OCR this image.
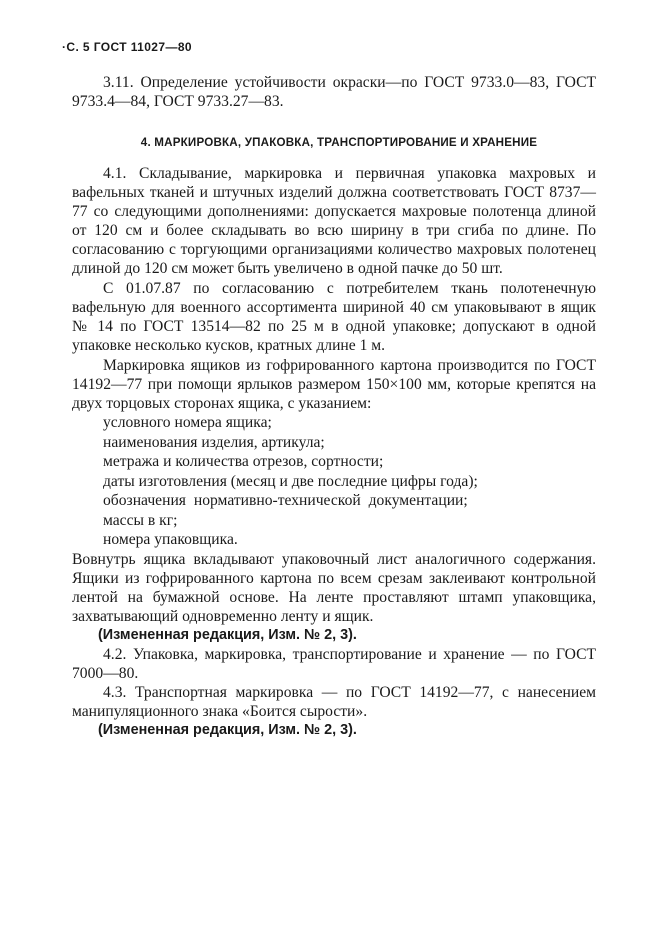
·С. 5 ГОСТ 11027—80

3.11. Определение устойчивости окраски—по ГОСТ 9733.0—83, ГОСТ 9733.4—84, ГОСТ 9733.27—83.

4. МАРКИРОВКА, УПАКОВКА, ТРАНСПОРТИРОВАНИЕ И ХРАНЕНИЕ

4.1. Складывание, маркировка и первичная упаковка махровых и вафельных тканей и штучных изделий должна соответствовать ГОСТ 8737—77 со следующими дополнениями: допускается махровые полотенца длиной от 120 см и более складывать во всю ширину в три сгиба по длине. По согласованию с торгующими организациями количество махровых полотенец длиной до 120 см может быть увеличено в одной пачке до 50 шт.

С 01.07.87 по согласованию с потребителем ткань полотенечную вафельную для военного ассортимента шириной 40 см упаковывают в ящик № 14 по ГОСТ 13514—82 по 25 м в одной упаковке; допускают в одной упаковке несколько кусков, кратных длине 1 м.

Маркировка ящиков из гофрированного картона производится по ГОСТ 14192—77 при помощи ярлыков размером 150×100 мм, которые крепятся на двух торцовых сторонах ящика, с указанием:

условного номера ящика;
наименования изделия, артикула;
метража и количества отрезов, сортности;
даты изготовления (месяц и две последние цифры года);
обозначения нормативно-технической документации;
массы в кг;
номера упаковщика.

Вовнутрь ящика вкладывают упаковочный лист аналогичного содержания. Ящики из гофрированного картона по всем срезам заклеивают контрольной лентой на бумажной основе. На ленте проставляют штамп упаковщика, захватывающий одновременно ленту и ящик.

(Измененная редакция, Изм. № 2, 3).

4.2. Упаковка, маркировка, транспортирование и хранение — по ГОСТ 7000—80.

4.3. Транспортная маркировка — по ГОСТ 14192—77, с нанесением манипуляционного знака «Боится сырости».

(Измененная редакция, Изм. № 2, 3).
